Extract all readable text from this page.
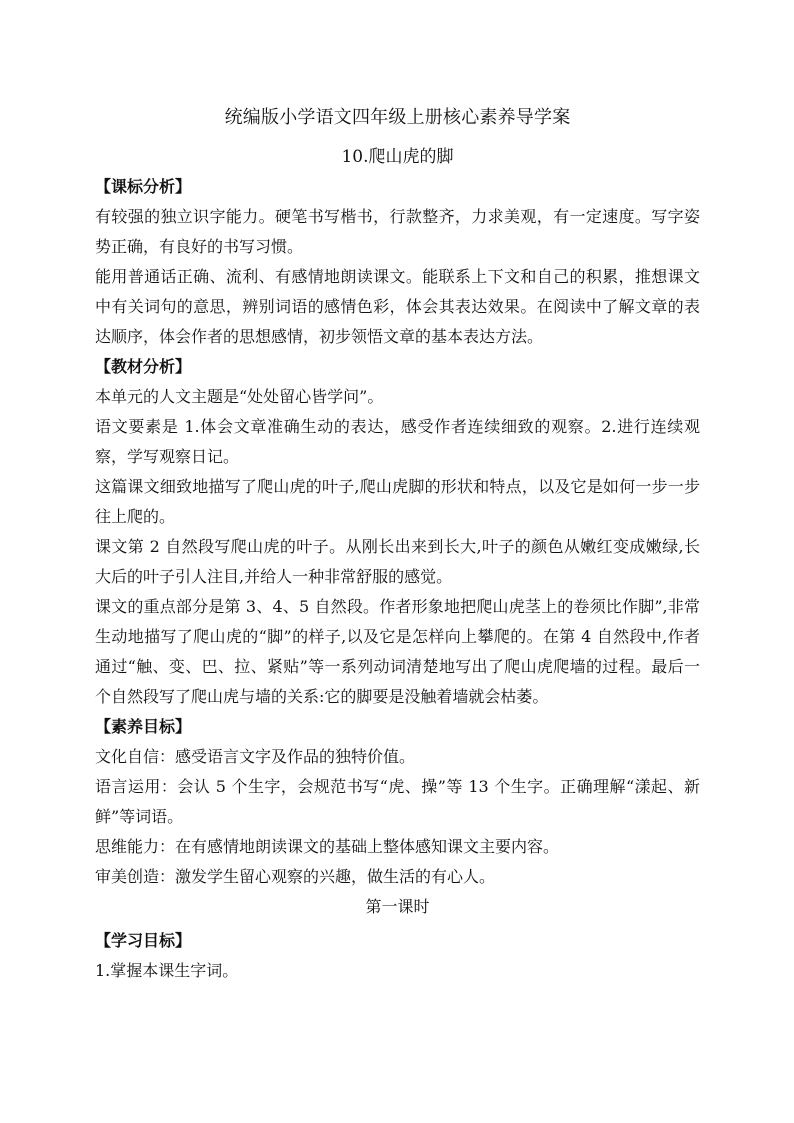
统编版小学语文四年级上册核心素养导学案
10.爬山虎的脚
【课标分析】

有较强的独立识字能力。硬笔书写楷书，行款整齐，力求美观，有一定速度。写字姿势正确，有良好的书写习惯。

能用普通话正确、流利、有感情地朗读课文。能联系上下文和自己的积累，推想课文中有关词句的意思，辨别词语的感情色彩，体会其表达效果。在阅读中了解文章的表达顺序，体会作者的思想感情，初步领悟文章的基本表达方法。

【教材分析】

本单元的人文主题是“处处留心皆学问”。

语文要素是 1.体会文章准确生动的表达，感受作者连续细致的观察。2.进行连续观察，学写观察日记。

这篇课文细致地描写了爬山虎的叶子,爬山虎脚的形状和特点，以及它是如何一步一步往上爬的。

课文第 2 自然段写爬山虎的叶子。从刚长出来到长大,叶子的颜色从嫩红变成嫩绿,长大后的叶子引人注目,并给人一种非常舒服的感觉。

课文的重点部分是第 3、4、5 自然段。作者形象地把爬山虎茎上的卷须比作脚”,非常生动地描写了爬山虎的“脚”的样子,以及它是怎样向上攀爬的。在第 4 自然段中,作者通过“触、变、巴、拉、紧贴”等一系列动词清楚地写出了爬山虎爬墙的过程。最后一个自然段写了爬山虎与墙的关系:它的脚要是没触着墙就会枯萎。

【素养目标】

文化自信：感受语言文字及作品的独特价值。

语言运用：会认 5 个生字，会规范书写“虎、操”等 13 个生字。正确理解“漾起、新鲜”等词语。

思维能力：在有感情地朗读课文的基础上整体感知课文主要内容。

审美创造：激发学生留心观察的兴趣，做生活的有心人。

第一课时
【学习目标】

1.掌握本课生字词。
